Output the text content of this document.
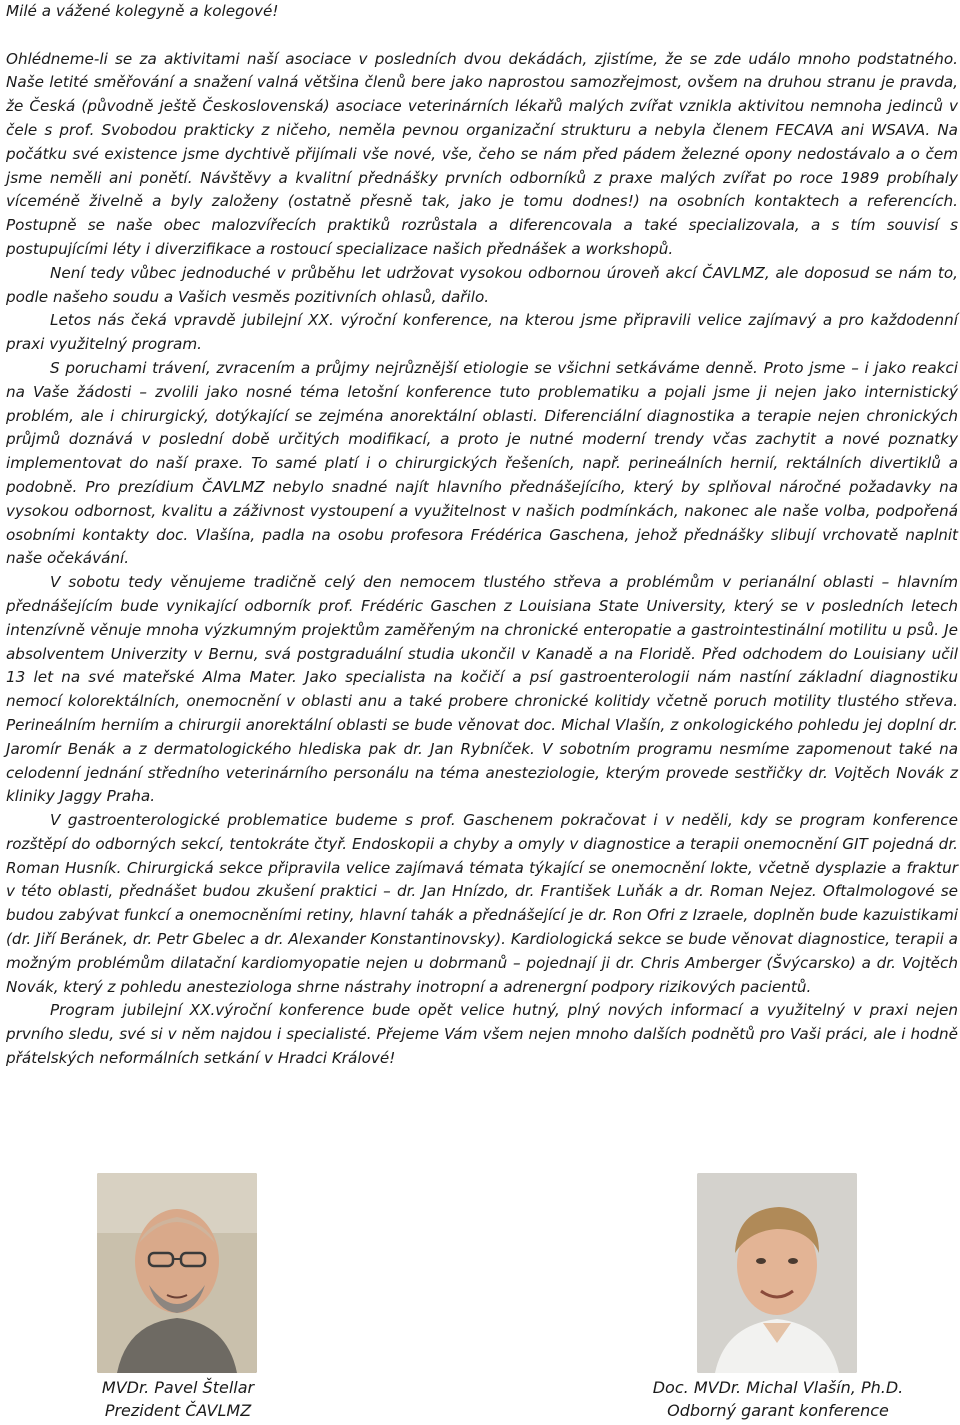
Milé a vážené kolegyně a kolegové!

Ohlédneme-li se za aktivitami naší asociace v posledních dvou dekádách, zjistíme, že se zde událo mnoho podstatného. Naše letité směřování a snažení valná většina členů bere jako naprostou samozřejmost, ovšem na druhou stranu je pravda, že Česká (původně ještě Československá) asociace veterinárních lékařů malých zvířat vznikla aktivitou nemnoha jedinců v čele s prof. Svobodou prakticky z ničeho, neměla pevnou organizační strukturu a nebyla členem FECAVA ani WSAVA. Na počátku své existence jsme dychtivě přijímali vše nové, vše, čeho se nám před pádem železné opony nedostávalo a o čem jsme neměli ani ponětí. Návštěvy a kvalitní přednášky prvních odborníků z praxe malých zvířat po roce 1989 probíhaly víceméně živelně a byly založeny (ostatně přesně tak, jako je tomu dodnes!) na osobních kontaktech a referencích. Postupně se naše obec malozvířecích praktiků rozrůstala a diferencovala a také specializovala, a s tím souvisí s postupujícími léty i diverzifikace a rostoucí specializace našich přednášek a workshopů.

Není tedy vůbec jednoduché v průběhu let udržovat vysokou odbornou úroveň akcí ČAVLMZ, ale doposud se nám to, podle našeho soudu a Vašich vesměs pozitivních ohlasů, dařilo.

Letos nás čeká vpravdě jubilejní XX. výroční konference, na kterou jsme připravili velice zajímavý a pro každodenní praxi využitelný program.

S poruchami trávení, zvracením a průjmy nejrůznější etiologie se všichni setkáváme denně. Proto jsme – i jako reakci na Vaše žádosti – zvolili jako nosné téma letošní konference tuto problematiku a pojali jsme ji nejen jako internistický problém, ale i chirurgický, dotýkající se zejména anorektální oblasti. Diferenciální diagnostika a terapie nejen chronických průjmů doznává v poslední době určitých modifikací, a proto je nutné moderní trendy včas zachytit a nové poznatky implementovat do naší praxe. To samé platí i o chirurgických řešeních, např. perineálních hernií, rektálních divertiklů a podobně. Pro prezídium ČAVLMZ nebylo snadné najít hlavního přednášejícího, který by splňoval náročné požadavky na vysokou odbornost, kvalitu a záživnost vystoupení a využitelnost v našich podmínkách, nakonec ale naše volba, podpořená osobními kontakty doc. Vlašína, padla na osobu profesora Frédérica Gaschena, jehož přednášky slibují vrchovatě naplnit naše očekávání.

V sobotu tedy věnujeme tradičně celý den nemocem tlustého střeva a problémům v perianální oblasti – hlavním přednášejícím bude vynikající odborník prof. Frédéric Gaschen z Louisiana State University, který se v posledních letech intenzívně věnuje mnoha výzkumným projektům zaměřeným na chronické enteropatie a gastrointestinální motilitu u psů. Je absolventem Univerzity v Bernu, svá postgraduální studia ukončil v Kanadě a na Floridě. Před odchodem do Louisiany učil 13 let na své mateřské Alma Mater. Jako specialista na kočičí a psí gastroenterologii nám nastíní základní diagnostiku nemocí kolorektálních, onemocnění v oblasti anu a také probere chronické kolitidy včetně poruch motility tlustého střeva. Perineálním herniím a chirurgii anorektální oblasti se bude věnovat doc. Michal Vlašín, z onkologického pohledu jej doplní dr. Jaromír Benák a z dermatologického hlediska pak dr. Jan Rybníček. V sobotním programu nesmíme zapomenout také na celodenní jednání středního veterinárního personálu na téma anesteziologie, kterým provede sestřičky dr. Vojtěch Novák z kliniky Jaggy Praha.

V gastroenterologické problematice budeme s prof. Gaschenem pokračovat i v neděli, kdy se program konference rozštěpí do odborných sekcí, tentokráte čtyř. Endoskopii a chyby a omyly v diagnostice a terapii onemocnění GIT pojedná dr. Roman Husník. Chirurgická sekce připravila velice zajímavá témata týkající se onemocnění lokte, včetně dysplazie a fraktur v této oblasti, přednášet budou zkušení praktici – dr. Jan Hnízdo, dr. František Luňák a dr. Roman Nejez. Oftalmologové se budou zabývat funkcí a onemocněními retiny, hlavní tahák a přednášející je dr. Ron Ofri z Izraele, doplněn bude kazuistikami (dr. Jiří Beránek, dr. Petr Gbelec a dr. Alexander Konstantinovsky). Kardiologická sekce se bude věnovat diagnostice, terapii a možným problémům dilatační kardiomyopatie nejen u dobrmanů – pojednají ji dr. Chris Amberger (Švýcarsko) a dr. Vojtěch Novák, který z pohledu anesteziologa shrne nástrahy inotropní a adrenergní podpory rizikových pacientů.

Program jubilejní XX.výroční konference bude opět velice hutný, plný nových informací a využitelný v praxi nejen prvního sledu, své si v něm najdou i specialisté. Přejeme Vám všem nejen mnoho dalších podnětů pro Vaši práci, ale i hodně přátelských neformálních setkání v Hradci Králové!

MVDr. Pavel Štellar
Prezident ČAVLMZ
Doc. MVDr. Michal Vlašín, Ph.D.
Odborný garant konference
